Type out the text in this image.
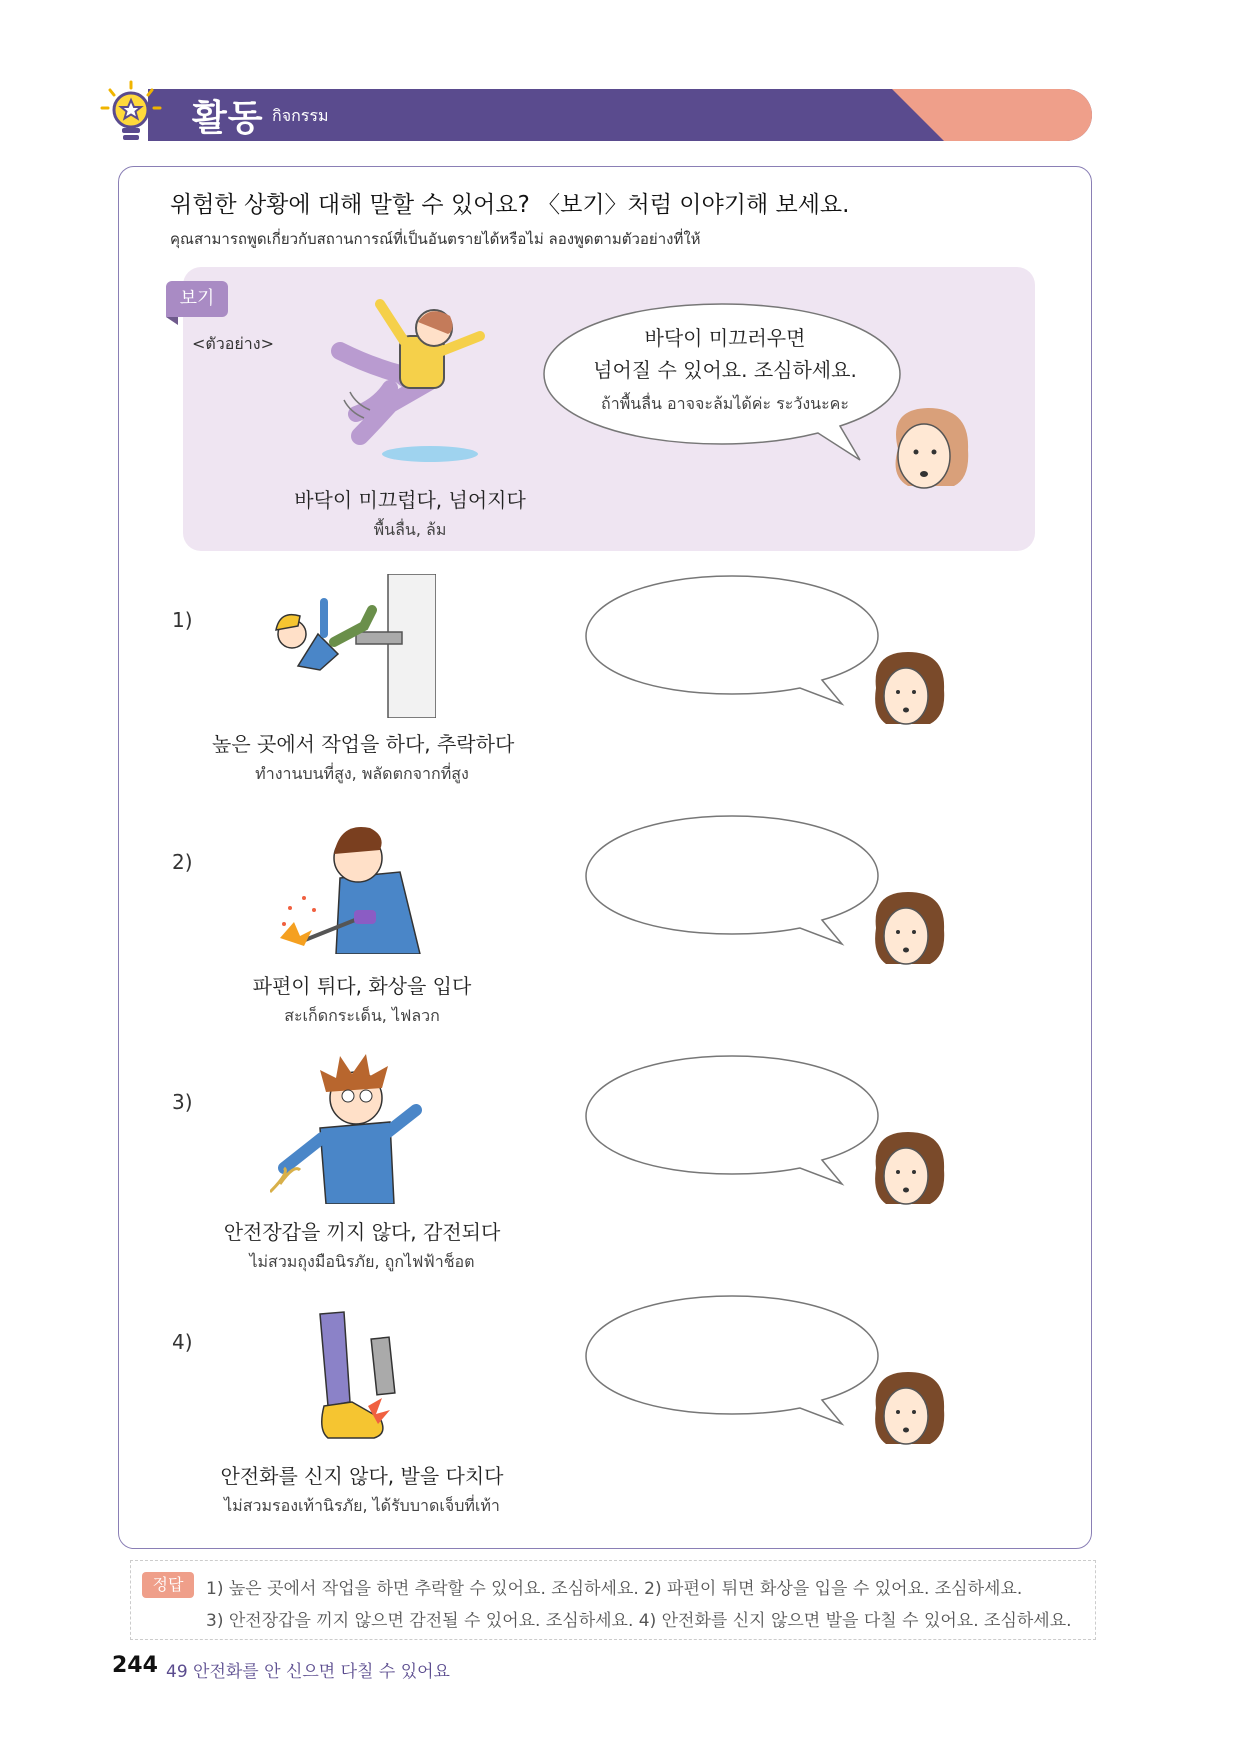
활동 กิจกรรม
위험한 상황에 대해 말할 수 있어요? 〈보기〉처럼 이야기해 보세요.
คุณสามารถพูดเกี่ยวกับสถานการณ์ที่เป็นอันตรายได้หรือไม่ ลองพูดตามตัวอย่างที่ให้
보기
<ตัวอย่าง>
바닥이 미끄럽다, 넘어지다
พื้นลื่น, ล้ม
바닥이 미끄러우면
넘어질 수 있어요. 조심하세요.
ถ้าพื้นลื่น อาจจะล้มได้ค่ะ ระวังนะคะ
1)
높은 곳에서 작업을 하다, 추락하다
ทำงานบนที่สูง, พลัดตกจากที่สูง
2)
파편이 튀다, 화상을 입다
สะเก็ดกระเด็น, ไฟลวก
3)
안전장갑을 끼지 않다, 감전되다
ไม่สวมถุงมือนิรภัย, ถูกไฟฟ้าช็อต
4)
안전화를 신지 않다, 발을 다치다
ไม่สวมรองเท้านิรภัย, ได้รับบาดเจ็บที่เท้า
정답	1) 높은 곳에서 작업을 하면 추락할 수 있어요. 조심하세요. 2) 파편이 튀면 화상을 입을 수 있어요. 조심하세요.
3) 안전장갑을 끼지 않으면 감전될 수 있어요. 조심하세요. 4) 안전화를 신지 않으면 발을 다칠 수 있어요. 조심하세요.
244 49 안전화를 안 신으면 다칠 수 있어요
